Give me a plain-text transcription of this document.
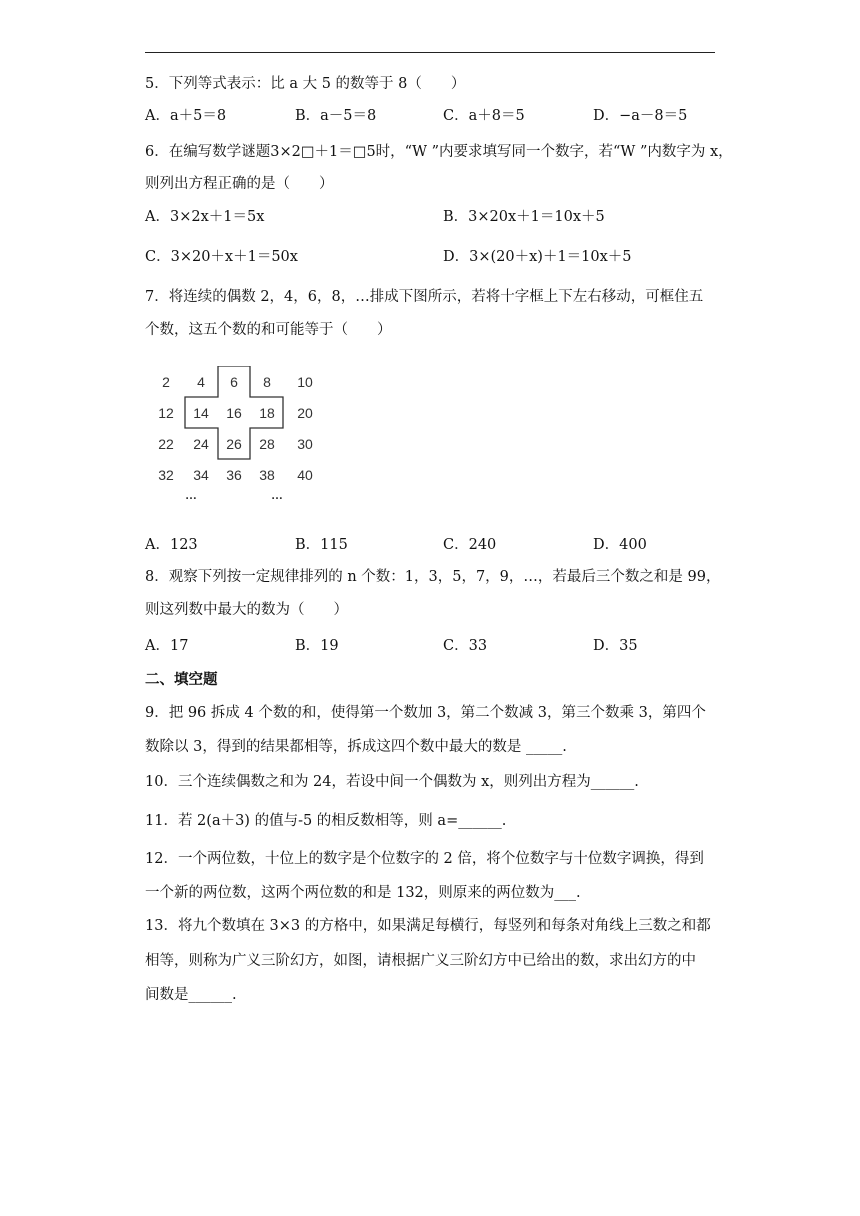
5．下列等式表示：比 a 大 5 的数等于 8（　　）
A．a＋5＝8	B．a－5＝8	C．a＋8＝5	D．−a－8＝5
6．在编写数学谜题3×2□＋1＝□5时，“W ”内要求填写同一个数字，若“W ”内数字为 x，
则列出方程正确的是（　　）
A．3×2x＋1＝5x	B．3×20x＋1＝10x＋5
C．3×20＋x＋1＝50x	D．3×(20＋x)＋1＝10x＋5
7．将连续的偶数 2，4，6，8，…排成下图所示，若将十字框上下左右移动，可框住五
个数，这五个数的和可能等于（　　）
2	4	6	8	10
12	14	16	18	20
22	24	26	28	30
32	34	36	38	40
…	…
A．123	B．115	C．240	D．400
8．观察下列按一定规律排列的 n 个数：1，3，5，7，9，…，若最后三个数之和是 99，
则这列数中最大的数为（　　）
A．17	B．19	C．33	D．35
二、填空题
9．把 96 拆成 4 个数的和，使得第一个数加 3，第二个数减 3，第三个数乘 3，第四个
数除以 3，得到的结果都相等，拆成这四个数中最大的数是 _____.
10．三个连续偶数之和为 24，若设中间一个偶数为 x，则列出方程为______.
11．若 2(a＋3) 的值与-5 的相反数相等，则 a=______.
12．一个两位数，十位上的数字是个位数字的 2 倍，将个位数字与十位数字调换，得到
一个新的两位数，这两个两位数的和是 132，则原来的两位数为___.
13．将九个数填在 3×3 的方格中，如果满足每横行，每竖列和每条对角线上三数之和都
相等，则称为广义三阶幻方，如图，请根据广义三阶幻方中已给出的数，求出幻方的中
间数是______.
